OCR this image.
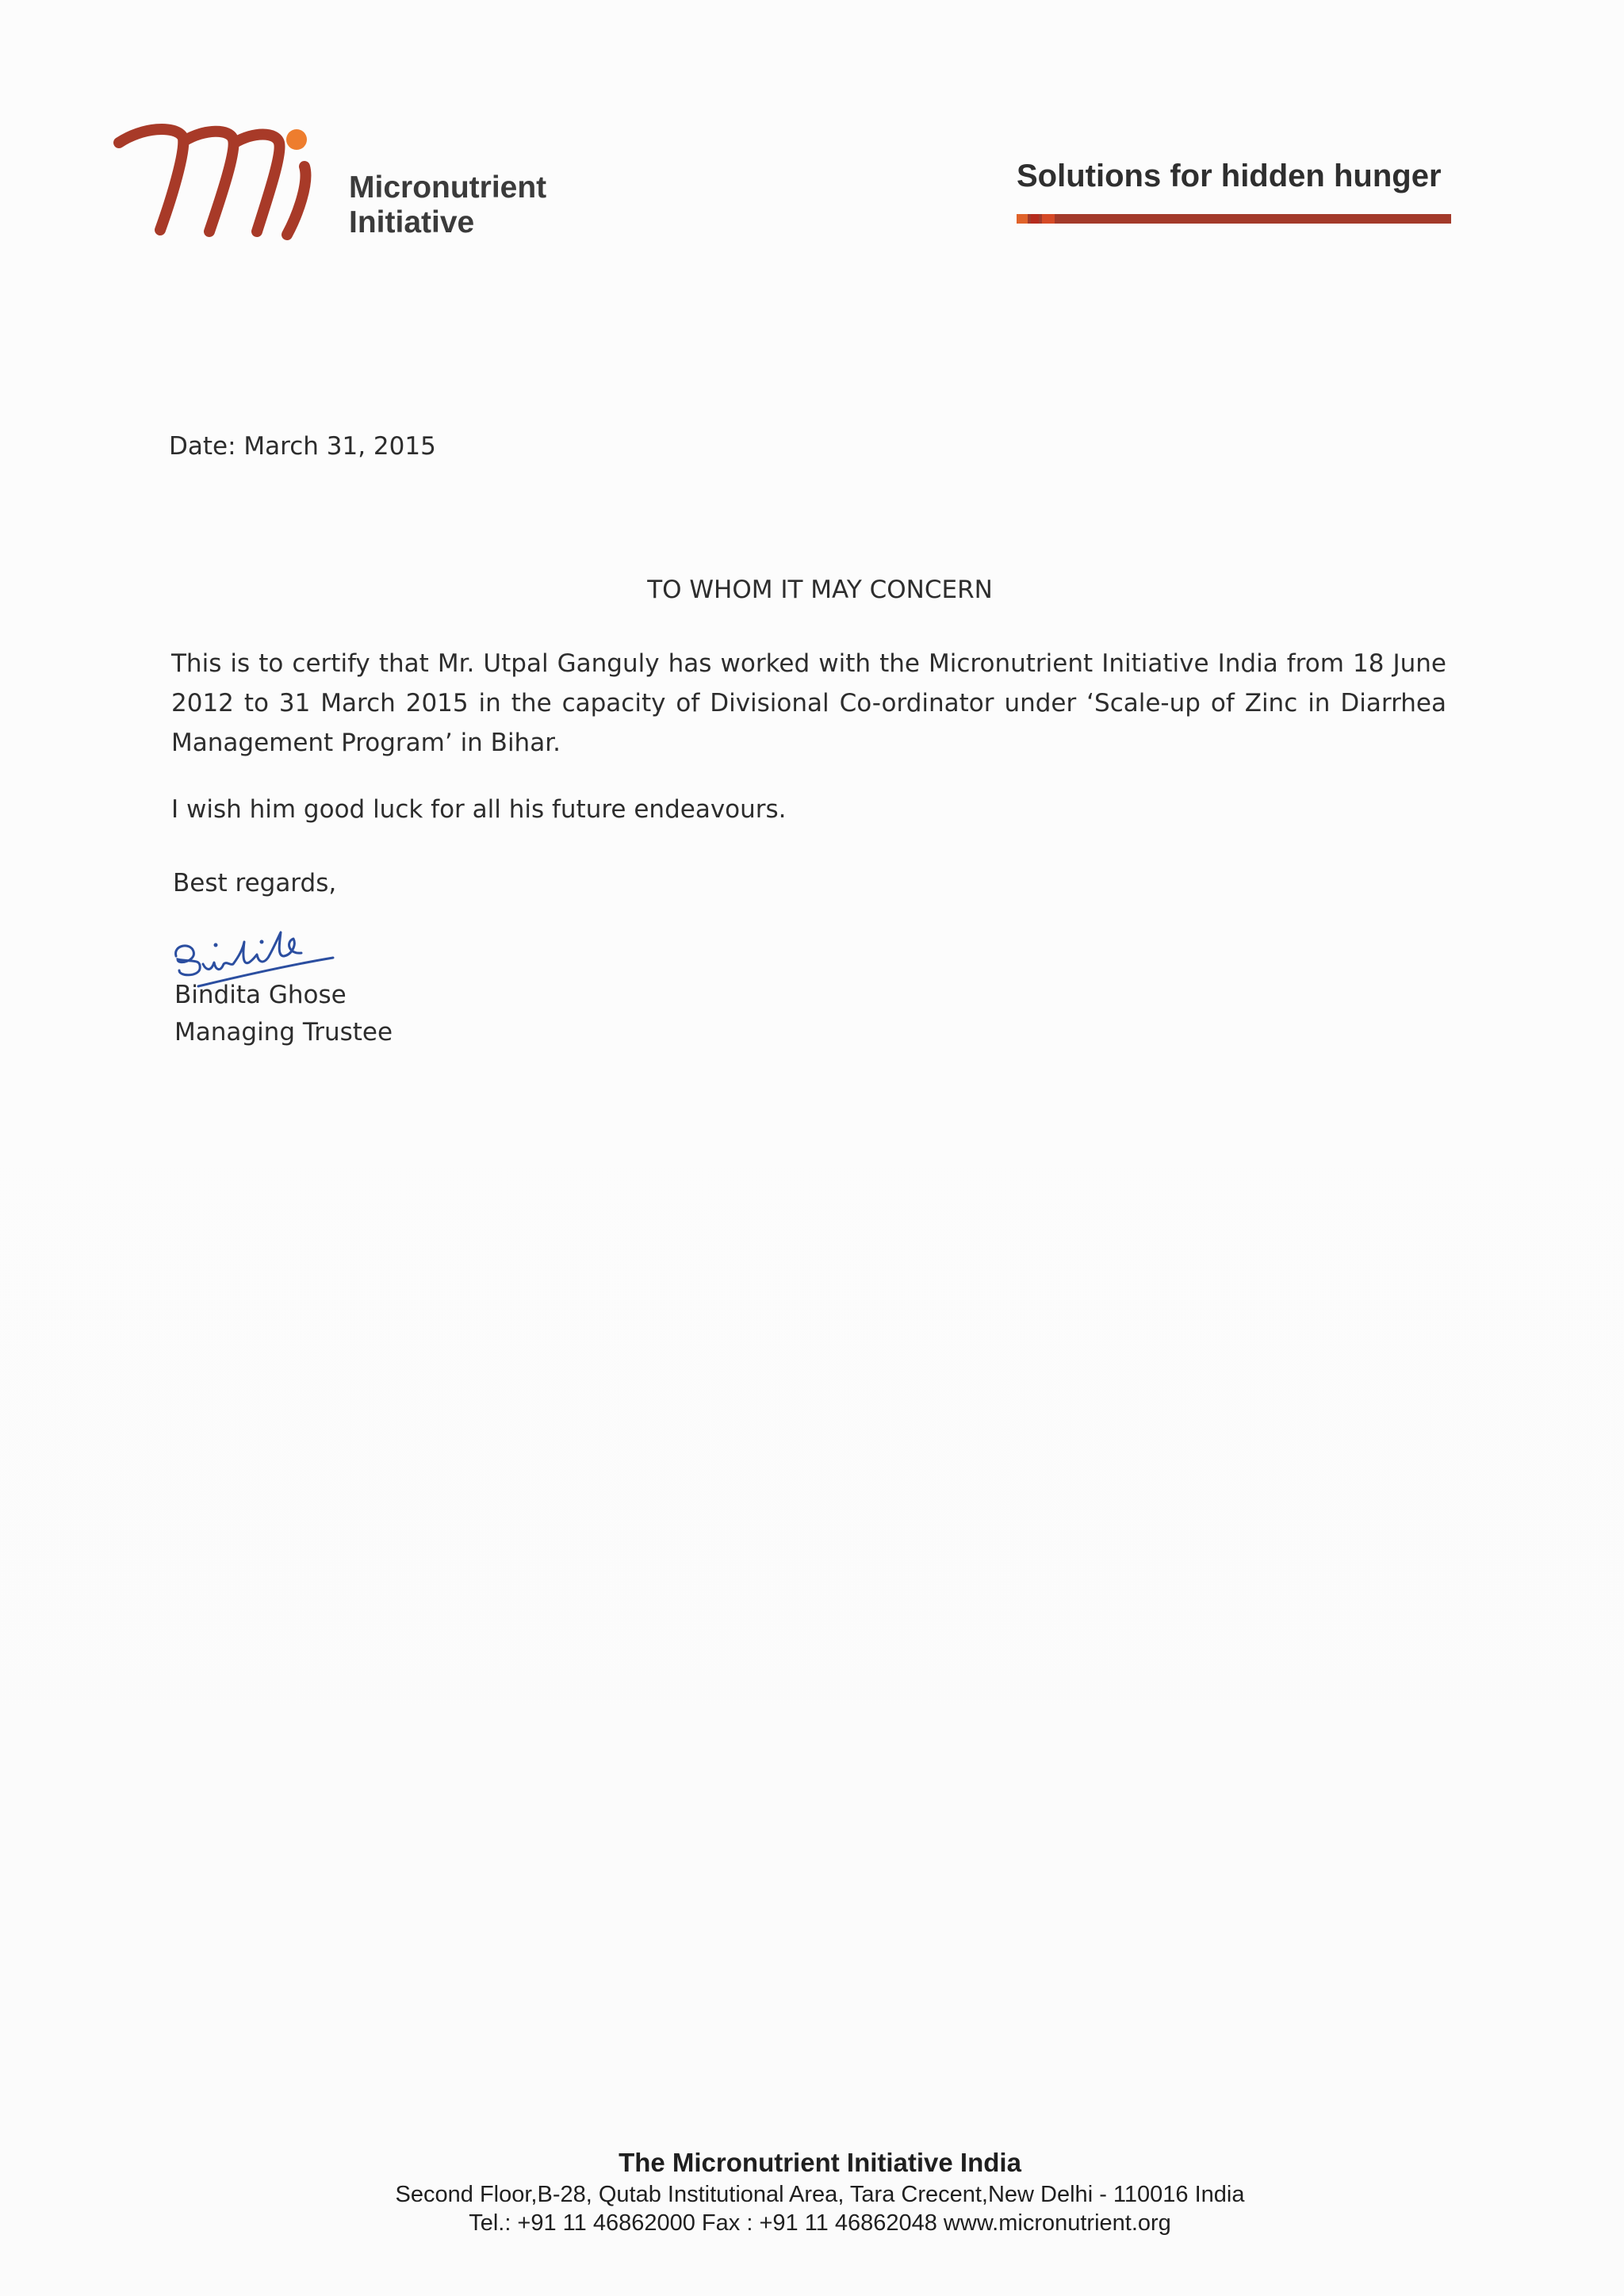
Micronutrient
Initiative
Solutions for hidden hunger
Date: March 31, 2015
TO WHOM IT MAY CONCERN
This is to certify that Mr. Utpal Ganguly has worked with the Micronutrient Initiative India from 18 June 2012 to 31 March 2015 in the capacity of Divisional Co-ordinator under ‘Scale-up of Zinc in Diarrhea Management Program’ in Bihar.
I wish him good luck for all his future endeavours.
Best regards,
Bindita Ghose
Managing Trustee
The Micronutrient Initiative India
Second Floor,B-28, Qutab Institutional Area, Tara Crecent,New Delhi - 110016 India
Tel.: +91 11 46862000 Fax : +91 11 46862048 www.micronutrient.org
